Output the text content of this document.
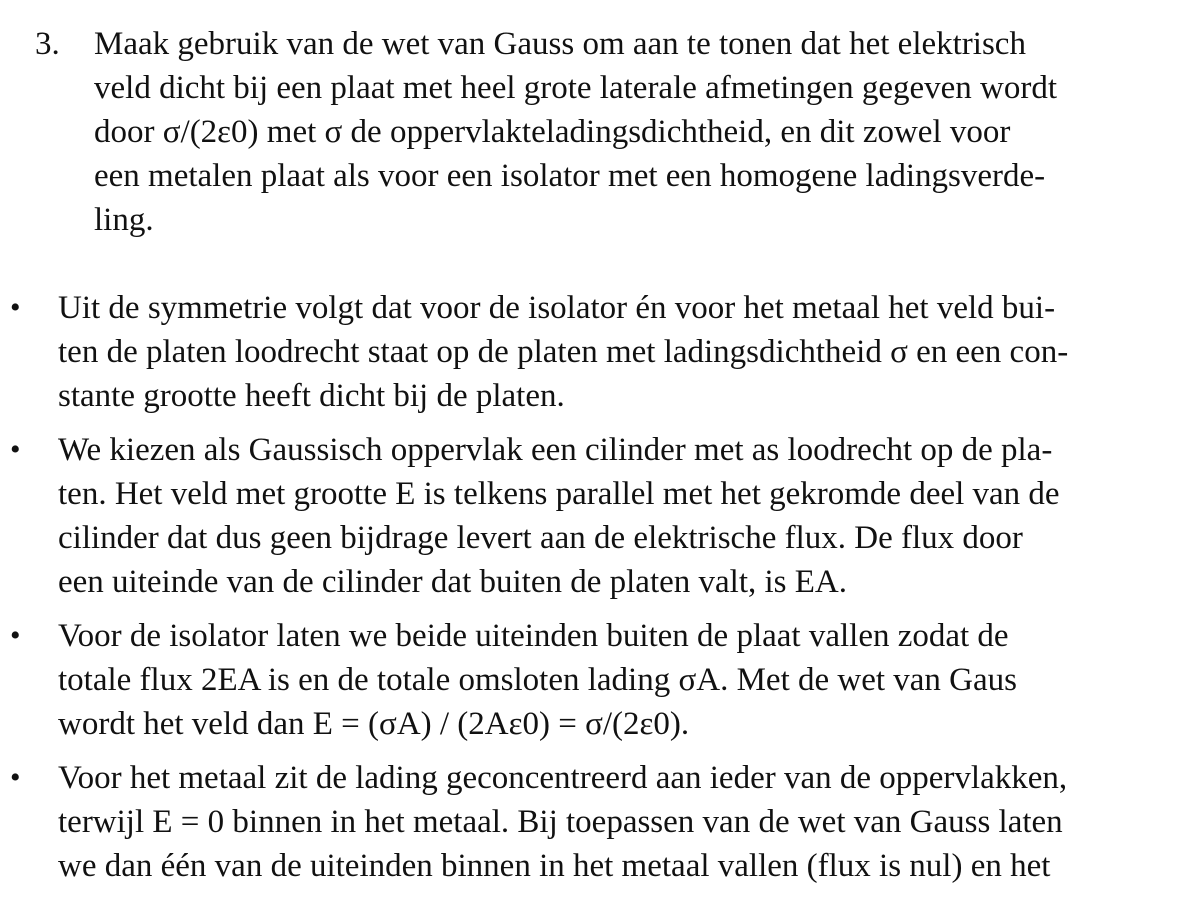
3. Maak gebruik van de wet van Gauss om aan te tonen dat het elektrisch
veld dicht bij een plaat met heel grote laterale afmetingen gegeven wordt
door σ/(2ε0) met σ de oppervlakteladingsdichtheid, en dit zowel voor
een metalen plaat als voor een isolator met een homogene ladingsverde-
ling.
• Uit de symmetrie volgt dat voor de isolator én voor het metaal het veld bui-
ten de platen loodrecht staat op de platen met ladingsdichtheid σ en een con-
stante grootte heeft dicht bij de platen.
• We kiezen als Gaussisch oppervlak een cilinder met as loodrecht op de pla-
ten. Het veld met grootte E is telkens parallel met het gekromde deel van de
cilinder dat dus geen bijdrage levert aan de elektrische flux. De flux door
een uiteinde van de cilinder dat buiten de platen valt, is EA.
• Voor de isolator laten we beide uiteinden buiten de plaat vallen zodat de
totale flux 2EA is en de totale omsloten lading σA. Met de wet van Gaus
wordt het veld dan E = (σA) / (2Aε0) = σ/(2ε0).
• Voor het metaal zit de lading geconcentreerd aan ieder van de oppervlakken,
terwijl E = 0 binnen in het metaal. Bij toepassen van de wet van Gauss laten
we dan één van de uiteinden binnen in het metaal vallen (flux is nul) en het
